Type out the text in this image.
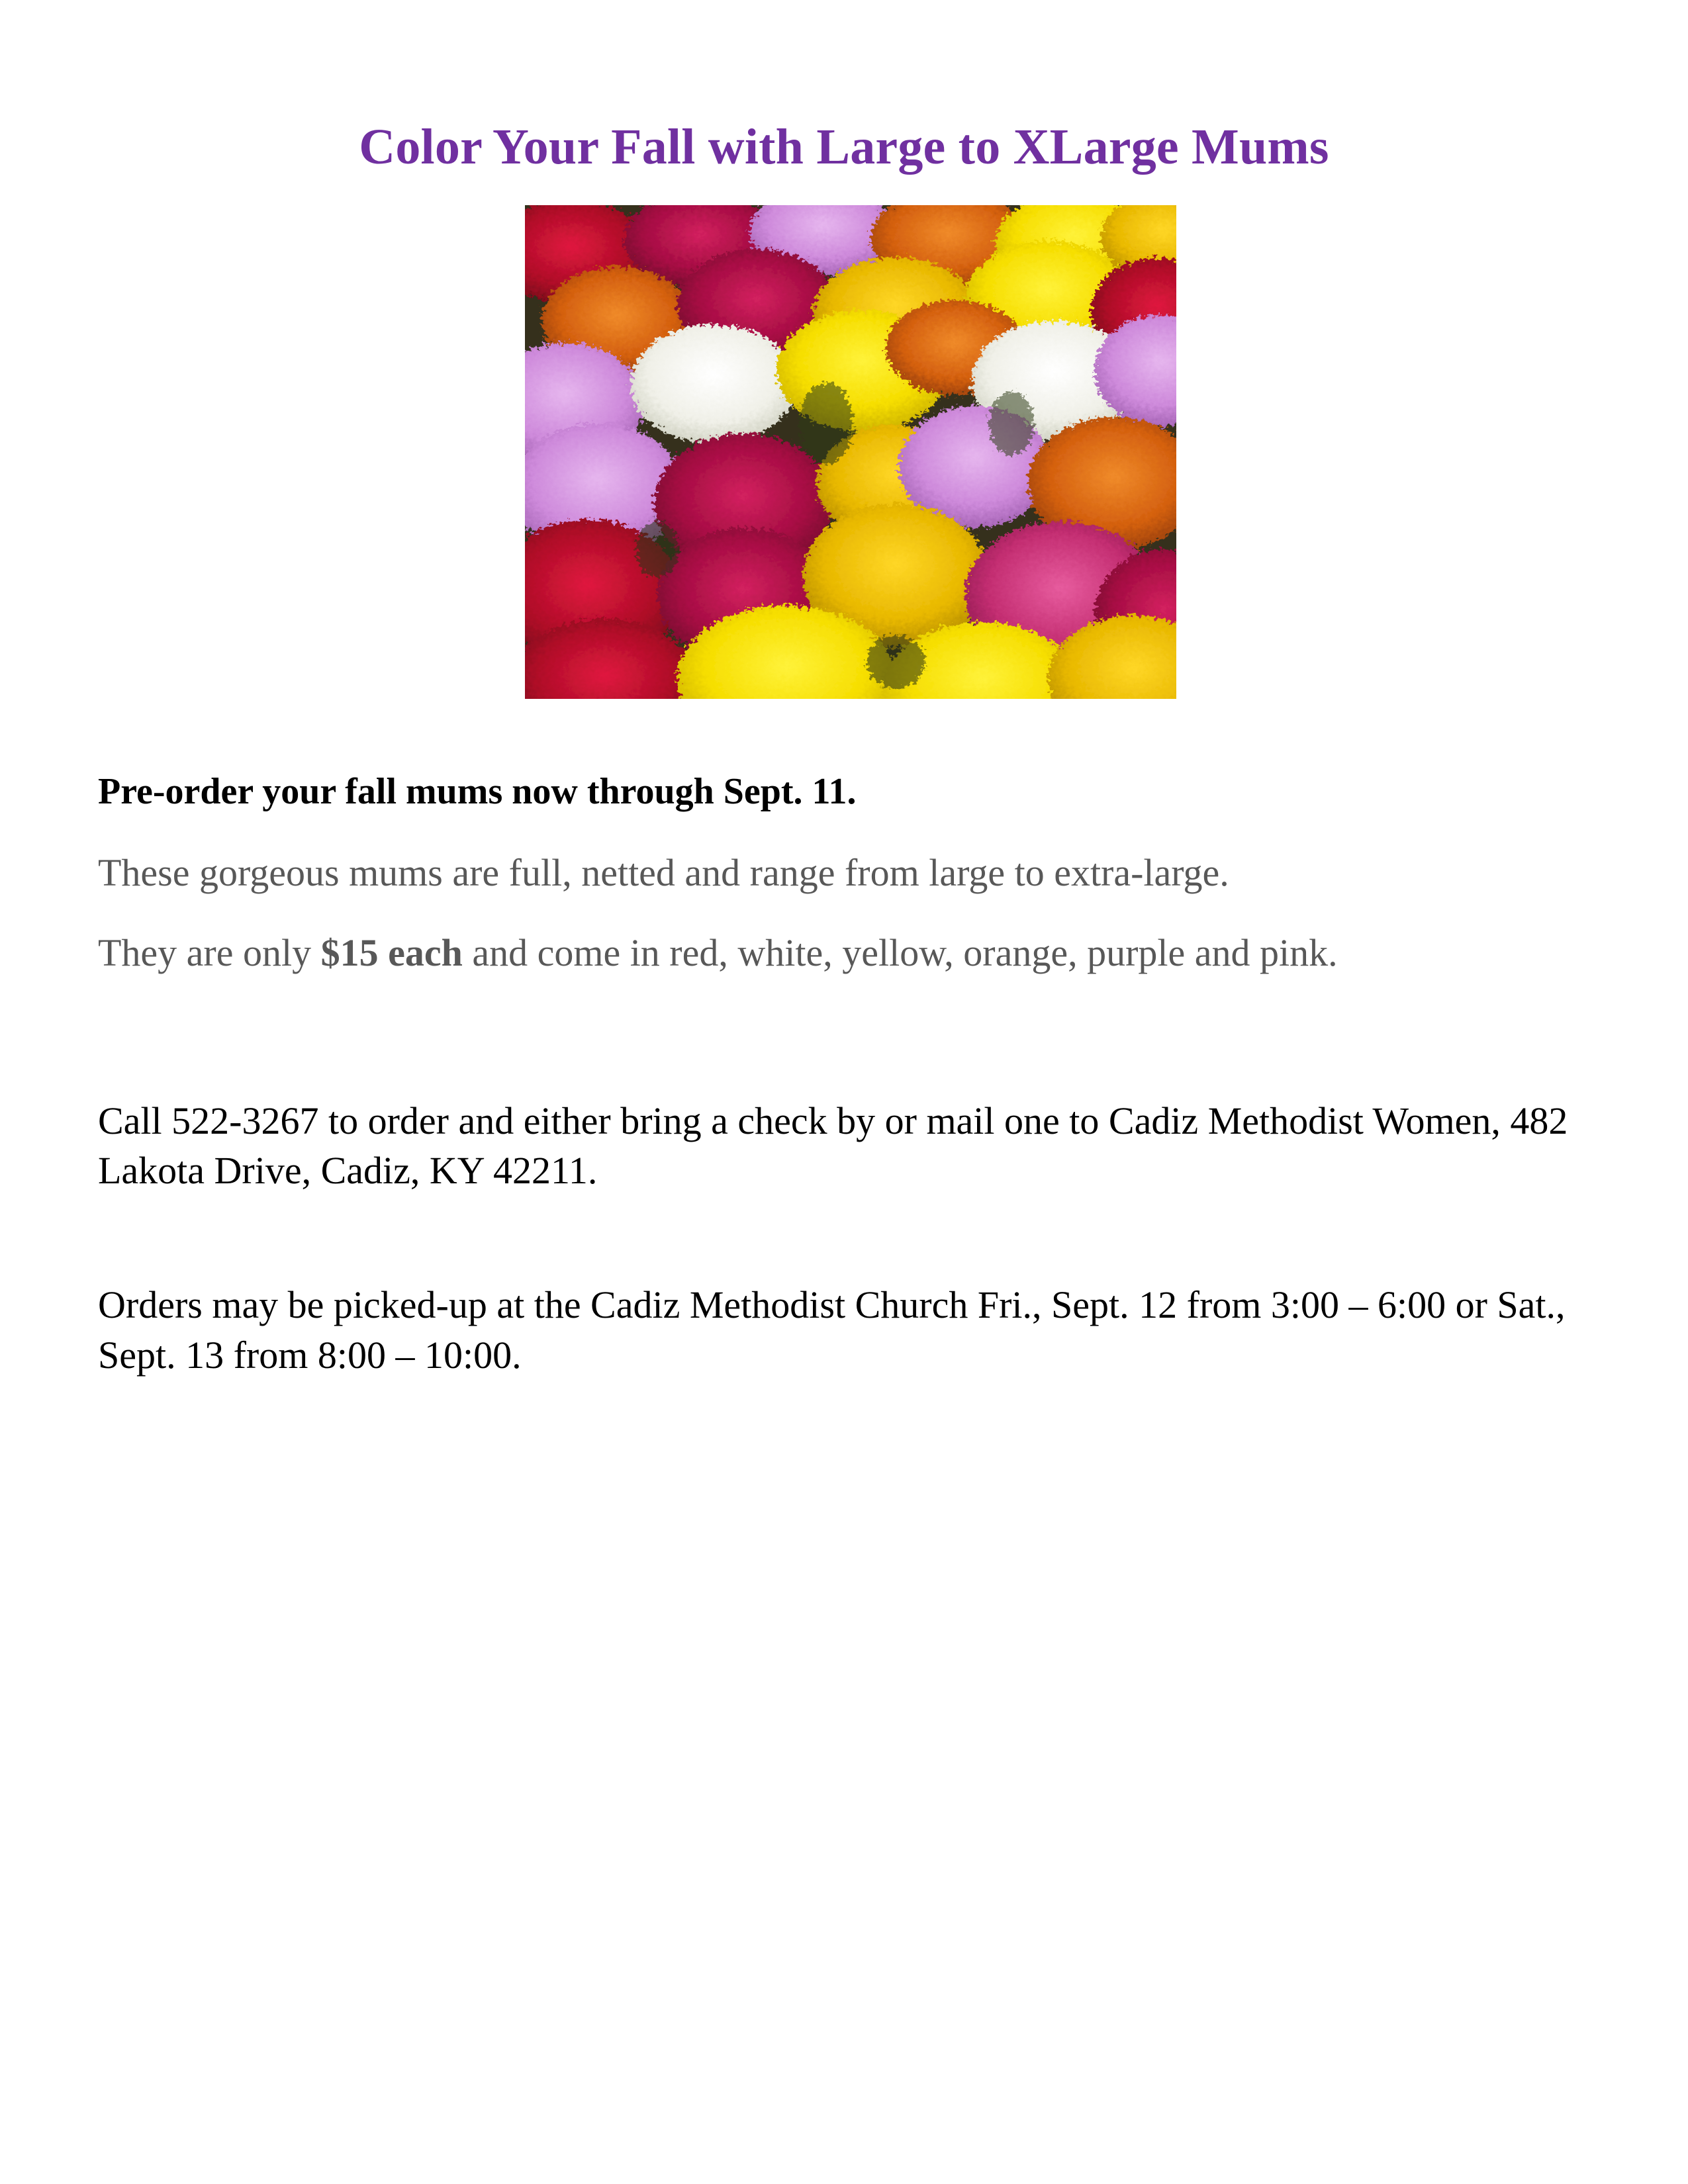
Color Your Fall with Large to XLarge Mums

Pre-order your fall mums now through Sept. 11.

These gorgeous mums are full, netted and range from large to extra-large.

They are only $15 each and come in red, white, yellow, orange, purple and pink.

Call 522-3267 to order and either bring a check by or mail one to Cadiz Methodist Women, 482 Lakota Drive, Cadiz, KY 42211.

Orders may be picked-up at the Cadiz Methodist Church Fri., Sept. 12 from 3:00 – 6:00 or Sat., Sept. 13 from 8:00 – 10:00.
